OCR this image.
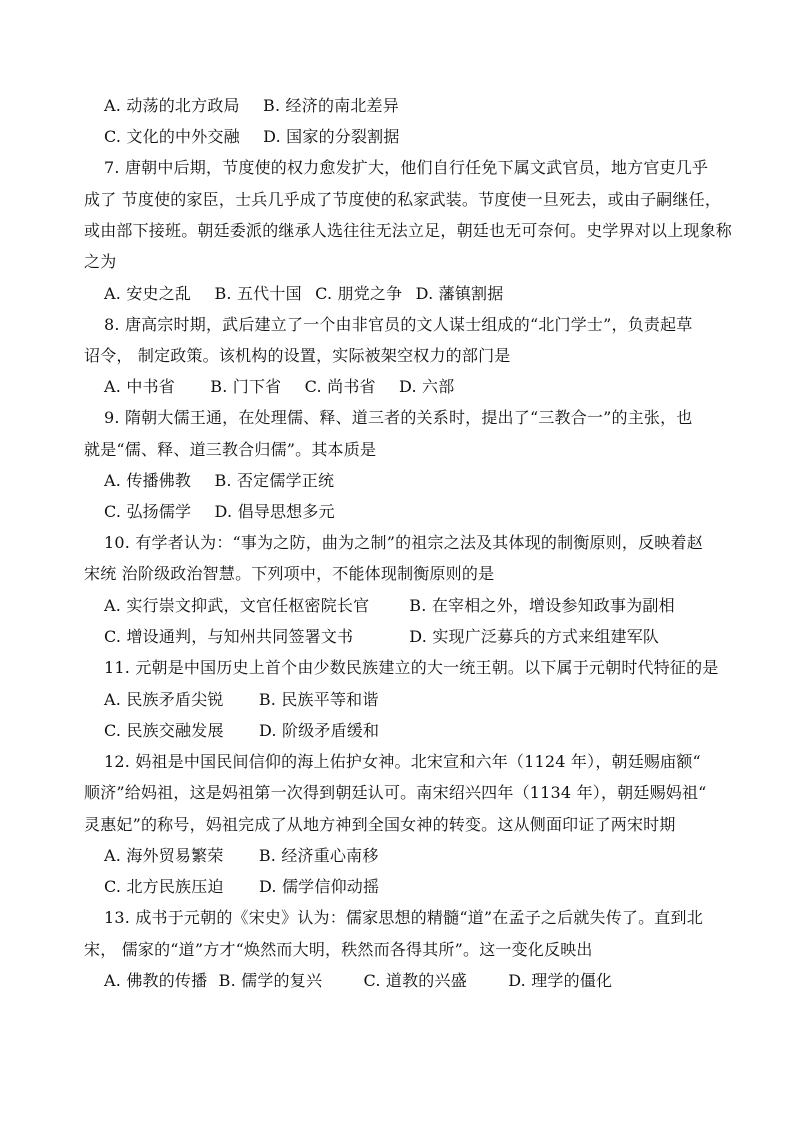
A. 动荡的北方政局 B. 经济的南北差异
C. 文化的中外交融 D. 国家的分裂割据
7. 唐朝中后期，节度使的权力愈发扩大，他们自行任免下属文武官员，地方官吏几乎
成了 节度使的家臣，士兵几乎成了节度使的私家武装。节度使一旦死去，或由子嗣继任，
或由部下接班。朝廷委派的继承人选往往无法立足，朝廷也无可奈何。史学界对以上现象称
之为
A. 安史之乱 B. 五代十国 C. 朋党之争 D. 藩镇割据
8. 唐高宗时期，武后建立了一个由非官员的文人谋士组成的“北门学士”，负责起草
诏令， 制定政策。该机构的设置，实际被架空权力的部门是
A. 中书省 B. 门下省 C. 尚书省 D. 六部
9. 隋朝大儒王通，在处理儒、释、道三者的关系时，提出了“三教合一”的主张，也
就是“儒、释、道三教合归儒”。其本质是
A. 传播佛教 B. 否定儒学正统
C. 弘扬儒学 D. 倡导思想多元
10. 有学者认为：“事为之防，曲为之制”的祖宗之法及其体现的制衡原则，反映着赵
宋统 治阶级政治智慧。下列项中，不能体现制衡原则的是
A. 实行崇文抑武，文官任枢密院长官 B. 在宰相之外，增设参知政事为副相
C. 增设通判，与知州共同签署文书	D. 实现广泛募兵的方式来组建军队
11. 元朝是中国历史上首个由少数民族建立的大一统王朝。以下属于元朝时代特征的是
A. 民族矛盾尖锐 B. 民族平等和谐
C. 民族交融发展 D. 阶级矛盾缓和
12. 妈祖是中国民间信仰的海上佑护女神。北宋宣和六年（1124 年），朝廷赐庙额“
顺济”给妈祖，这是妈祖第一次得到朝廷认可。南宋绍兴四年（1134 年），朝廷赐妈祖“
灵惠妃”的称号，妈祖完成了从地方神到全国女神的转变。这从侧面印证了两宋时期
A. 海外贸易繁荣 B. 经济重心南移
C. 北方民族压迫 D. 儒学信仰动摇
13. 成书于元朝的《宋史》认为：儒家思想的精髓“道”在孟子之后就失传了。直到北
宋， 儒家的“道”方才“焕然而大明，秩然而各得其所”。这一变化反映出
A. 佛教的传播 B. 儒学的复兴	C. 道教的兴盛	D. 理学的僵化
